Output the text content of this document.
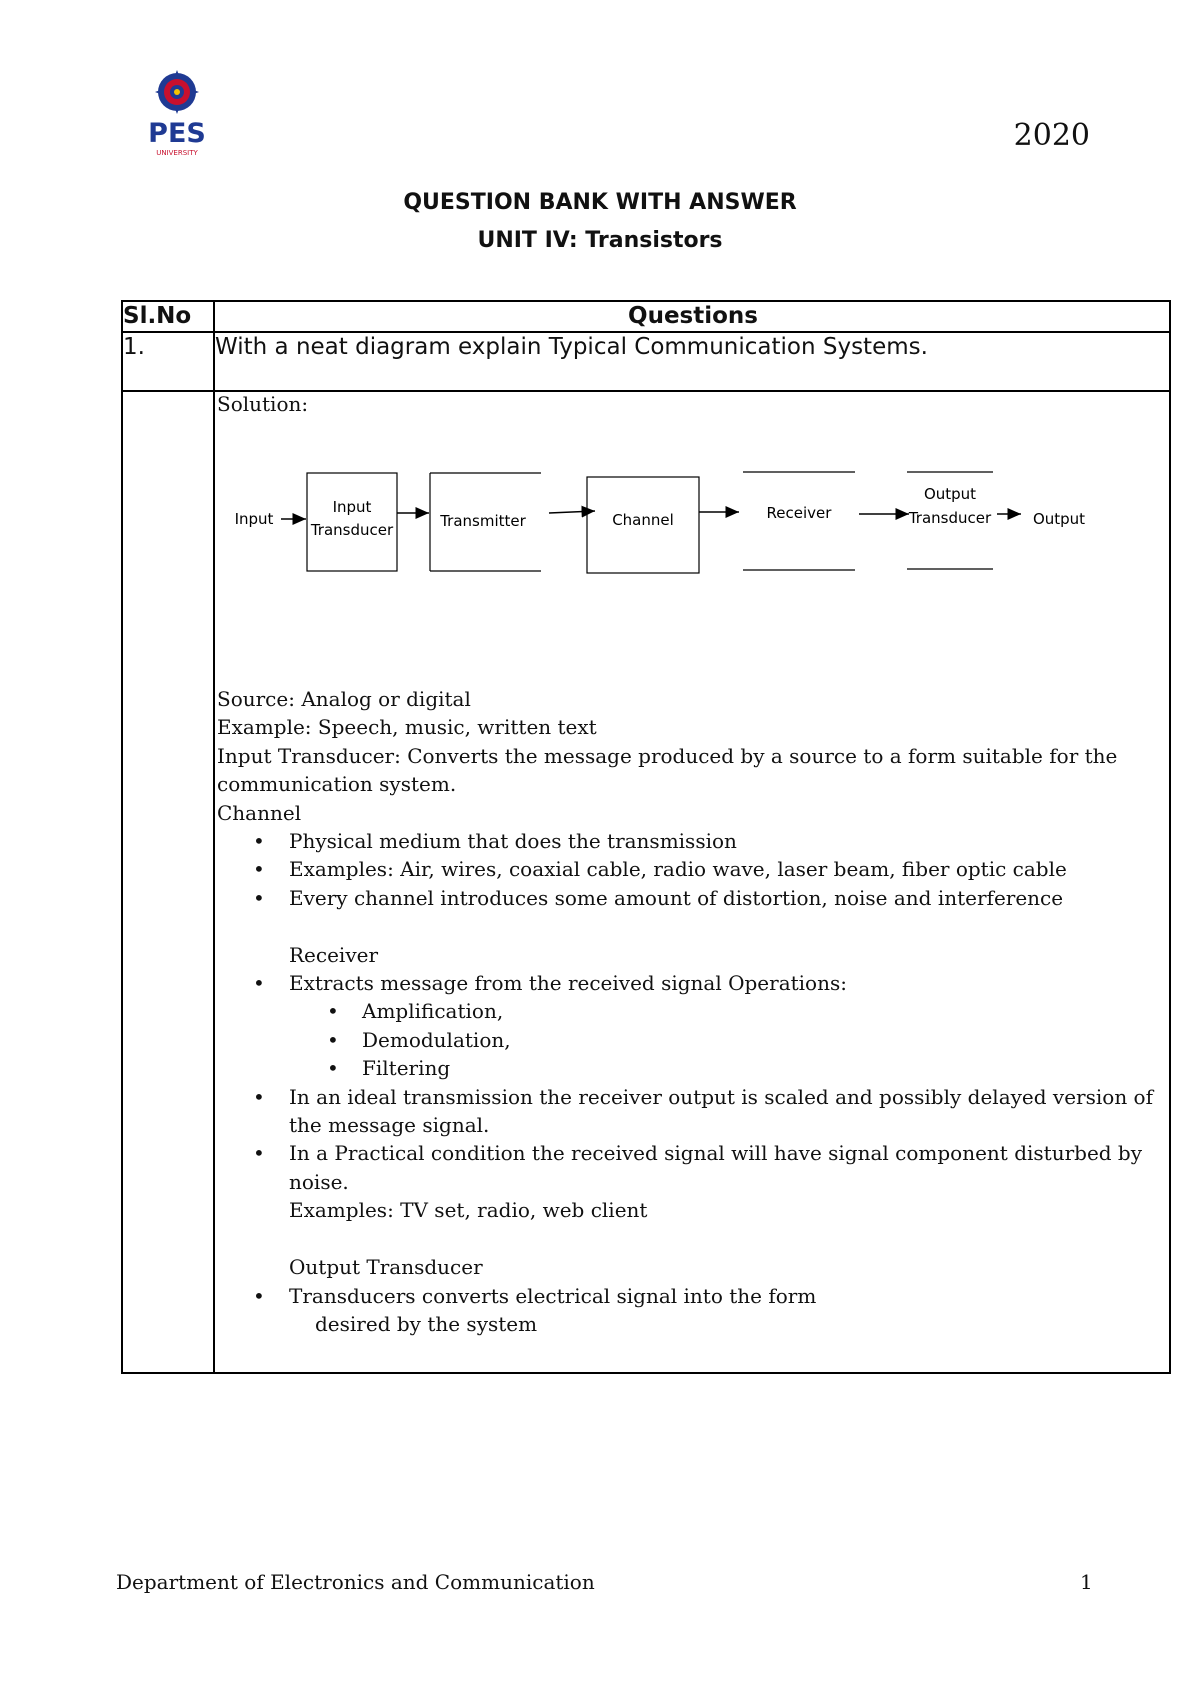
PES
UNIVERSITY	2020
QUESTION BANK WITH ANSWER
UNIT IV: Transistors
Sl.No	Questions
1.	With a neat diagram explain Typical Communication Systems.
Solution:
Input
Input
Transducer	Transmitter	Channel	Receiver
Output
Transducer	Output

Source: Analog or digital

Example: Speech, music, written text

Input Transducer: Converts the message produced by a source to a form suitable for the

communication system.

Channel

• Physical medium that does the transmission
• Examples: Air, wires, coaxial cable, radio wave, laser beam, fiber optic cable
• Every channel introduces some amount of distortion, noise and interference

Receiver

• Extracts message from the received signal Operations:
• Amplification,
• Demodulation,
• Filtering
• In an ideal transmission the receiver output is scaled and possibly delayed version of the message signal.
• In a Practical condition the received signal will have signal component disturbed by noise.

Examples: TV set, radio, web client

Output Transducer

• Transducers converts electrical signal into the form

desired by the system

Department of Electronics and Communication	1
